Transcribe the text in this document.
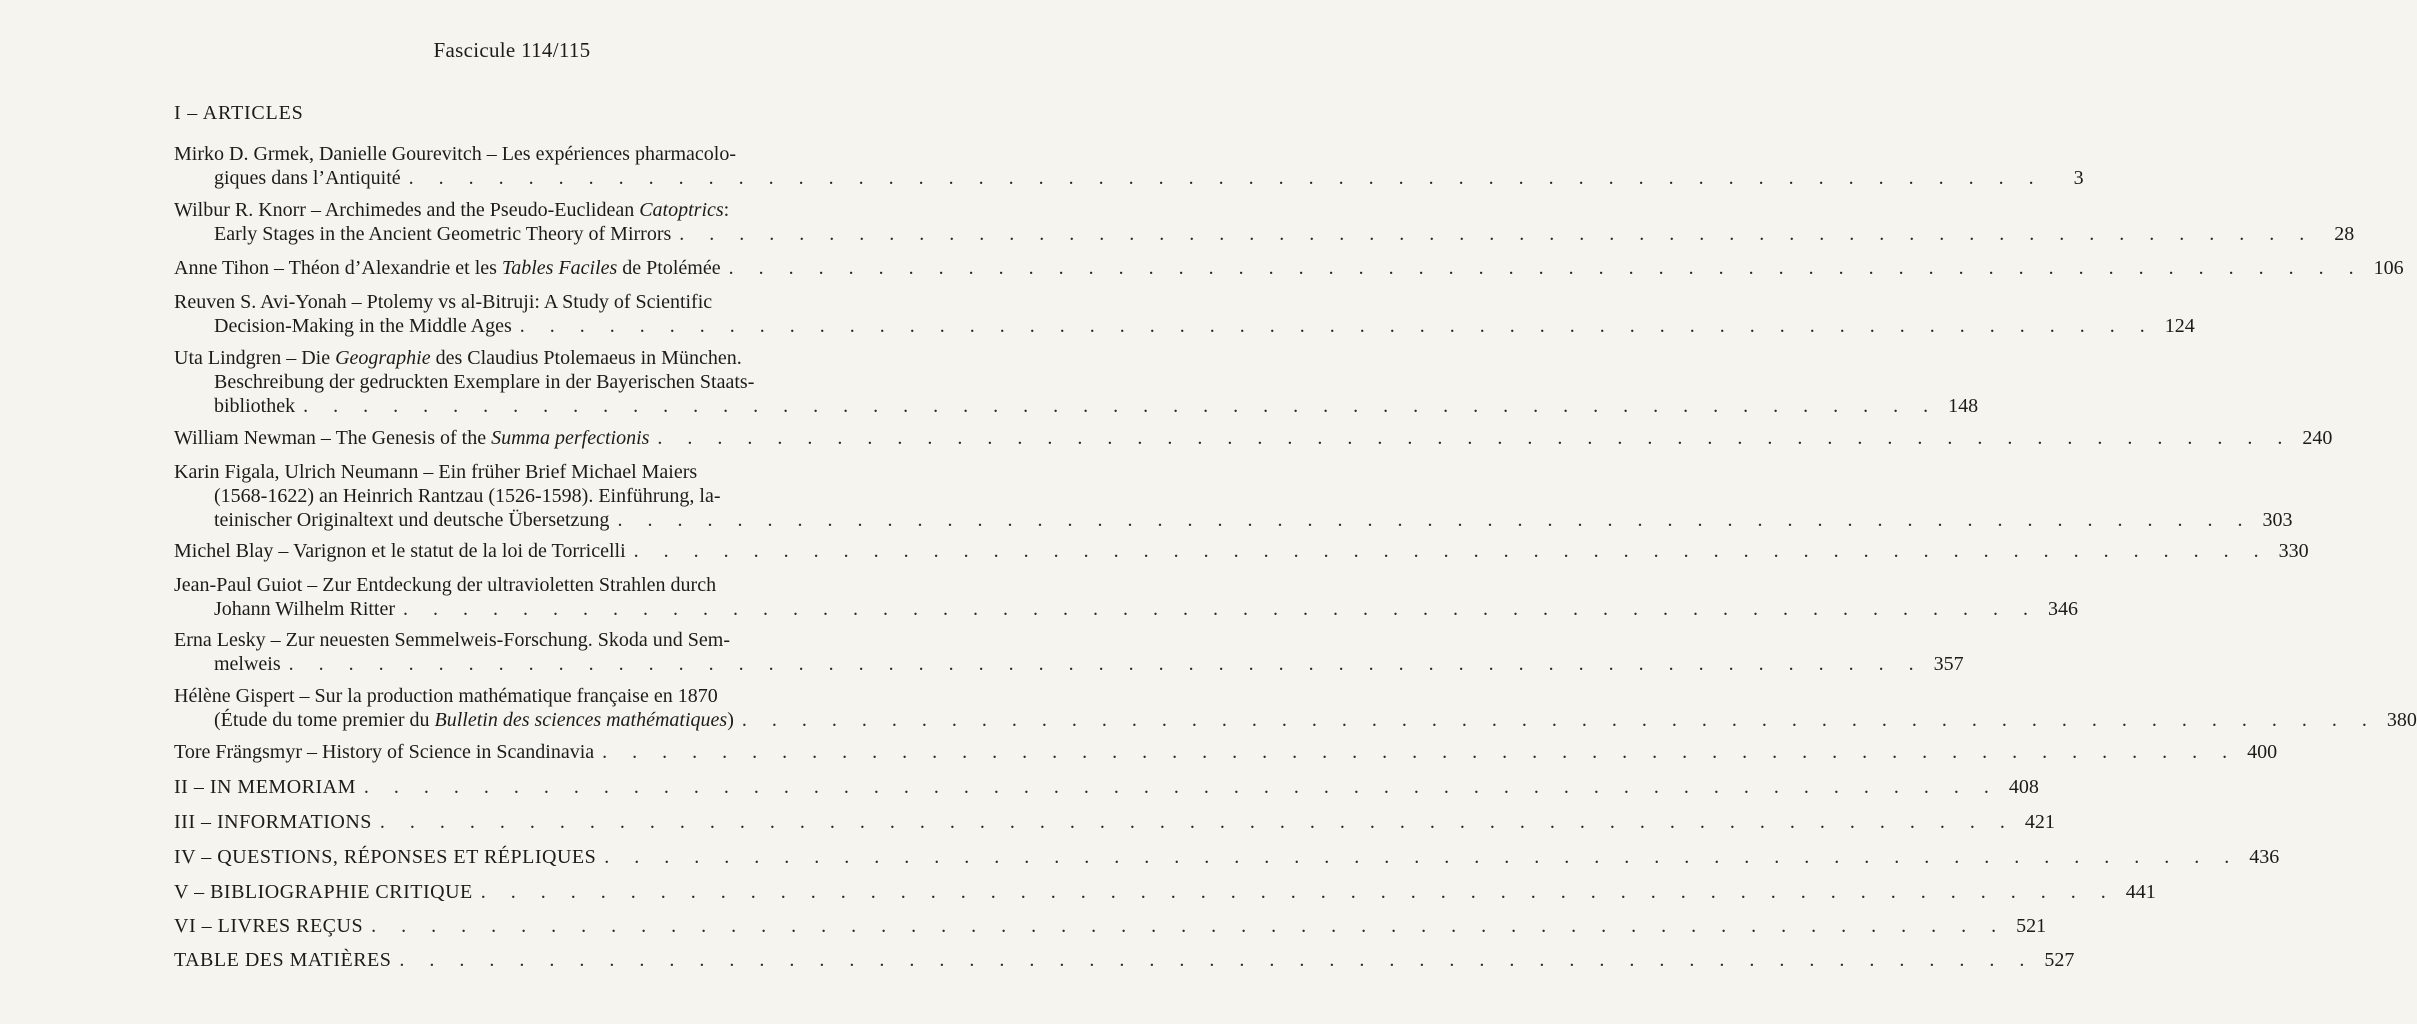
Fascicule 114/115
I – ARTICLES
Mirko D. Grmek, Danielle Gourevitch – Les expériences pharmacolo-
giques dans l’Antiquité . . . . . . . . . . . . . . . . . . . . . . . . . . . . . . . . . . . . . . . . . . . . . . . . . . . . . . .	3
Wilbur R. Knorr – Archimedes and the Pseudo-Euclidean Catoptrics:
Early Stages in the Ancient Geometric Theory of Mirrors . . . . . . . . . . . . . . . . . . . . . . . . . . . . . . . . . . . . . . . . . . . . . . . . . . . . . . .	28
Anne Tihon – Théon d’Alexandrie et les Tables Faciles de Ptolémée . . . . . . . . . . . . . . . . . . . . . . . . . . . . . . . . . . . . . . . . . . . . . . . . . . . . . . . 106
Reuven S. Avi-Yonah – Ptolemy vs al-Bitruji: A Study of Scientific
Decision-Making in the Middle Ages . . . . . . . . . . . . . . . . . . . . . . . . . . . . . . . . . . . . . . . . . . . . . . . . . . . . . . . 124
Uta Lindgren – Die Geographie des Claudius Ptolemaeus in München.
Beschreibung der gedruckten Exemplare in der Bayerischen Staats-
bibliothek . . . . . . . . . . . . . . . . . . . . . . . . . . . . . . . . . . . . . . . . . . . . . . . . . . . . . . . 148
William Newman – The Genesis of the Summa perfectionis . . . . . . . . . . . . . . . . . . . . . . . . . . . . . . . . . . . . . . . . . . . . . . . . . . . . . . . 240
Karin Figala, Ulrich Neumann – Ein früher Brief Michael Maiers
(1568-1622) an Heinrich Rantzau (1526-1598). Einführung, la-
teinischer Originaltext und deutsche Übersetzung . . . . . . . . . . . . . . . . . . . . . . . . . . . . . . . . . . . . . . . . . . . . . . . . . . . . . . . 303
Michel Blay – Varignon et le statut de la loi de Torricelli . . . . . . . . . . . . . . . . . . . . . . . . . . . . . . . . . . . . . . . . . . . . . . . . . . . . . . . 330
Jean-Paul Guiot – Zur Entdeckung der ultravioletten Strahlen durch
Johann Wilhelm Ritter . . . . . . . . . . . . . . . . . . . . . . . . . . . . . . . . . . . . . . . . . . . . . . . . . . . . . . . 346
Erna Lesky – Zur neuesten Semmelweis-Forschung. Skoda und Sem-
melweis . . . . . . . . . . . . . . . . . . . . . . . . . . . . . . . . . . . . . . . . . . . . . . . . . . . . . . . 357
Hélène Gispert – Sur la production mathématique française en 1870
(Étude du tome premier du Bulletin des sciences mathématiques) . . . . . . . . . . . . . . . . . . . . . . . . . . . . . . . . . . . . . . . . . . . . . . . . . . . . . . . 380
Tore Frängsmyr – History of Science in Scandinavia . . . . . . . . . . . . . . . . . . . . . . . . . . . . . . . . . . . . . . . . . . . . . . . . . . . . . . . 400
II – IN MEMORIAM . . . . . . . . . . . . . . . . . . . . . . . . . . . . . . . . . . . . . . . . . . . . . . . . . . . . . . . 408
III – INFORMATIONS . . . . . . . . . . . . . . . . . . . . . . . . . . . . . . . . . . . . . . . . . . . . . . . . . . . . . . . 421
IV – QUESTIONS, RÉPONSES ET RÉPLIQUES . . . . . . . . . . . . . . . . . . . . . . . . . . . . . . . . . . . . . . . . . . . . . . . . . . . . . . . 436
V – BIBLIOGRAPHIE CRITIQUE . . . . . . . . . . . . . . . . . . . . . . . . . . . . . . . . . . . . . . . . . . . . . . . . . . . . . . . 441
VI – LIVRES REÇUS . . . . . . . . . . . . . . . . . . . . . . . . . . . . . . . . . . . . . . . . . . . . . . . . . . . . . . . 521
TABLE DES MATIÈRES . . . . . . . . . . . . . . . . . . . . . . . . . . . . . . . . . . . . . . . . . . . . . . . . . . . . . . . 527
